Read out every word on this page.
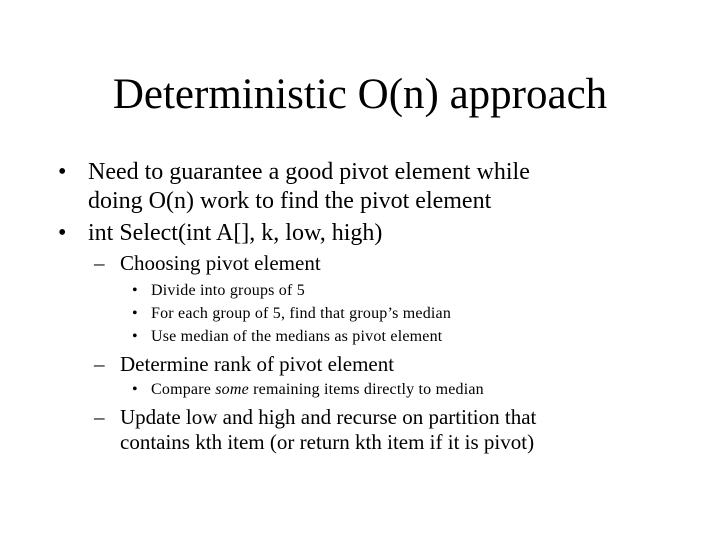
Deterministic O(n) approach
• Need to guarantee a good pivot element while
doing O(n) work to find the pivot element
• int Select(int A[], k, low, high)
– Choosing pivot element
• Divide into groups of 5
• For each group of 5, find that group’s median
• Use median of the medians as pivot element
– Determine rank of pivot element
• Compare some remaining items directly to median
– Update low and high and recurse on partition that
contains kth item (or return kth item if it is pivot)
